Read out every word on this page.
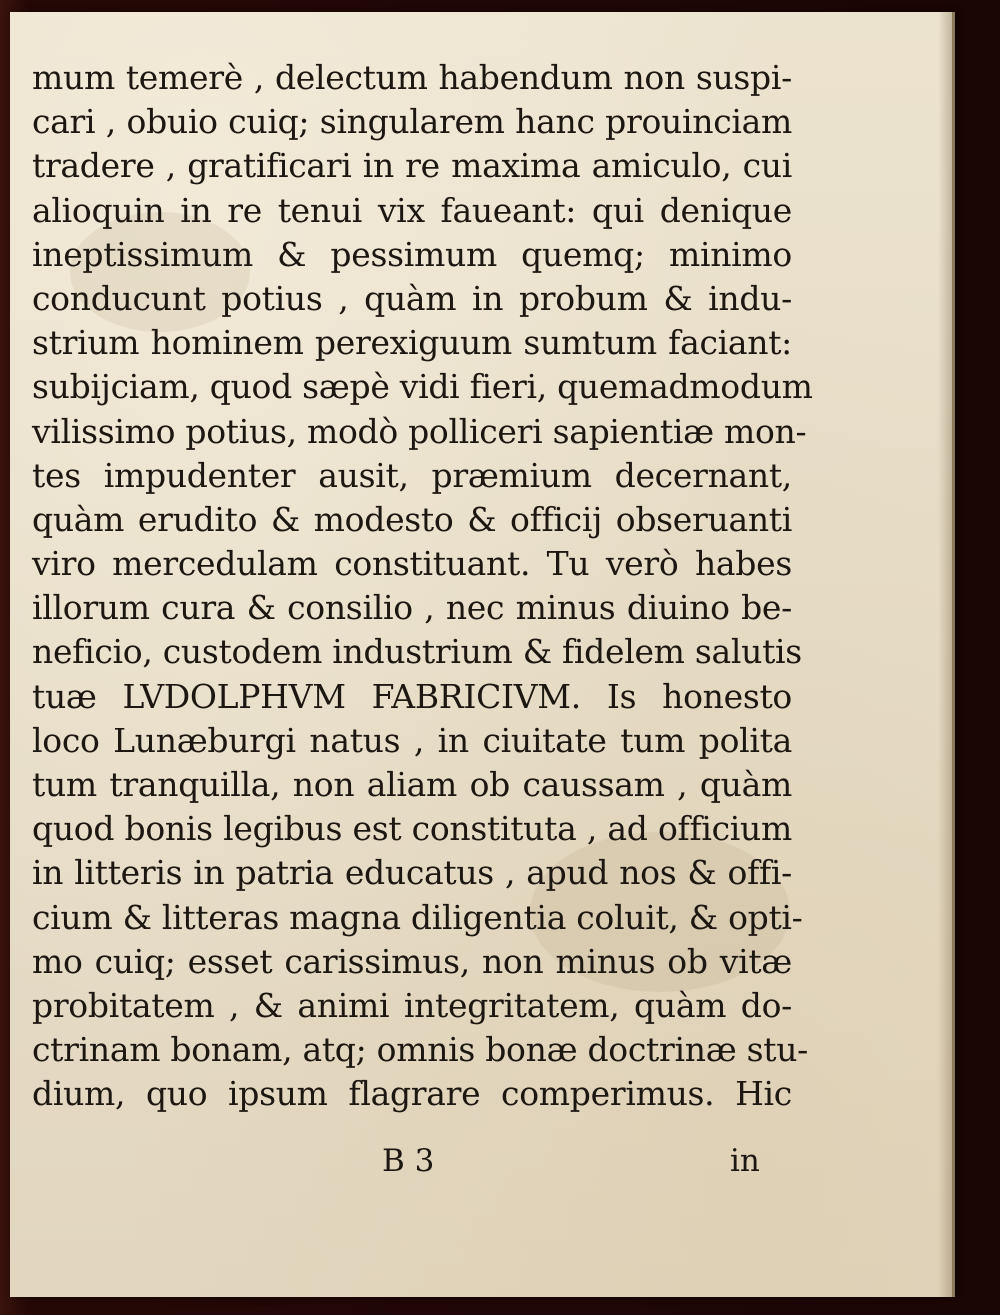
mum temerè , delectum habendum non suspi-
cari , obuio cuiq; singularem hanc prouinciam
tradere , gratificari in re maxima amiculo, cui
alioquin in re tenui vix faueant: qui denique
ineptissimum & pessimum quemq; minimo
conducunt potius , quàm in probum & indu-
strium hominem perexiguum sumtum faciant:
subijciam, quod sæpè vidi fieri, quemadmodum
vilissimo potius, modò polliceri sapientiæ mon-
tes impudenter ausit, præmium decernant,
quàm erudito & modesto & officij obseruanti
viro mercedulam constituant. Tu verò habes
illorum cura & consilio , nec minus diuino be-
neficio, custodem industrium & fidelem salutis
tuæ LVDOLPHVM FABRICIVM. Is honesto
loco Lunæburgi natus , in ciuitate tum polita
tum tranquilla, non aliam ob caussam , quàm
quod bonis legibus est constituta , ad officium
in litteris in patria educatus , apud nos & offi-
cium & litteras magna diligentia coluit, & opti-
mo cuiq; esset carissimus, non minus ob vitæ
probitatem , & animi integritatem, quàm do-
ctrinam bonam, atq; omnis bonæ doctrinæ stu-
dium, quo ipsum flagrare comperimus. Hic
B 3	in
